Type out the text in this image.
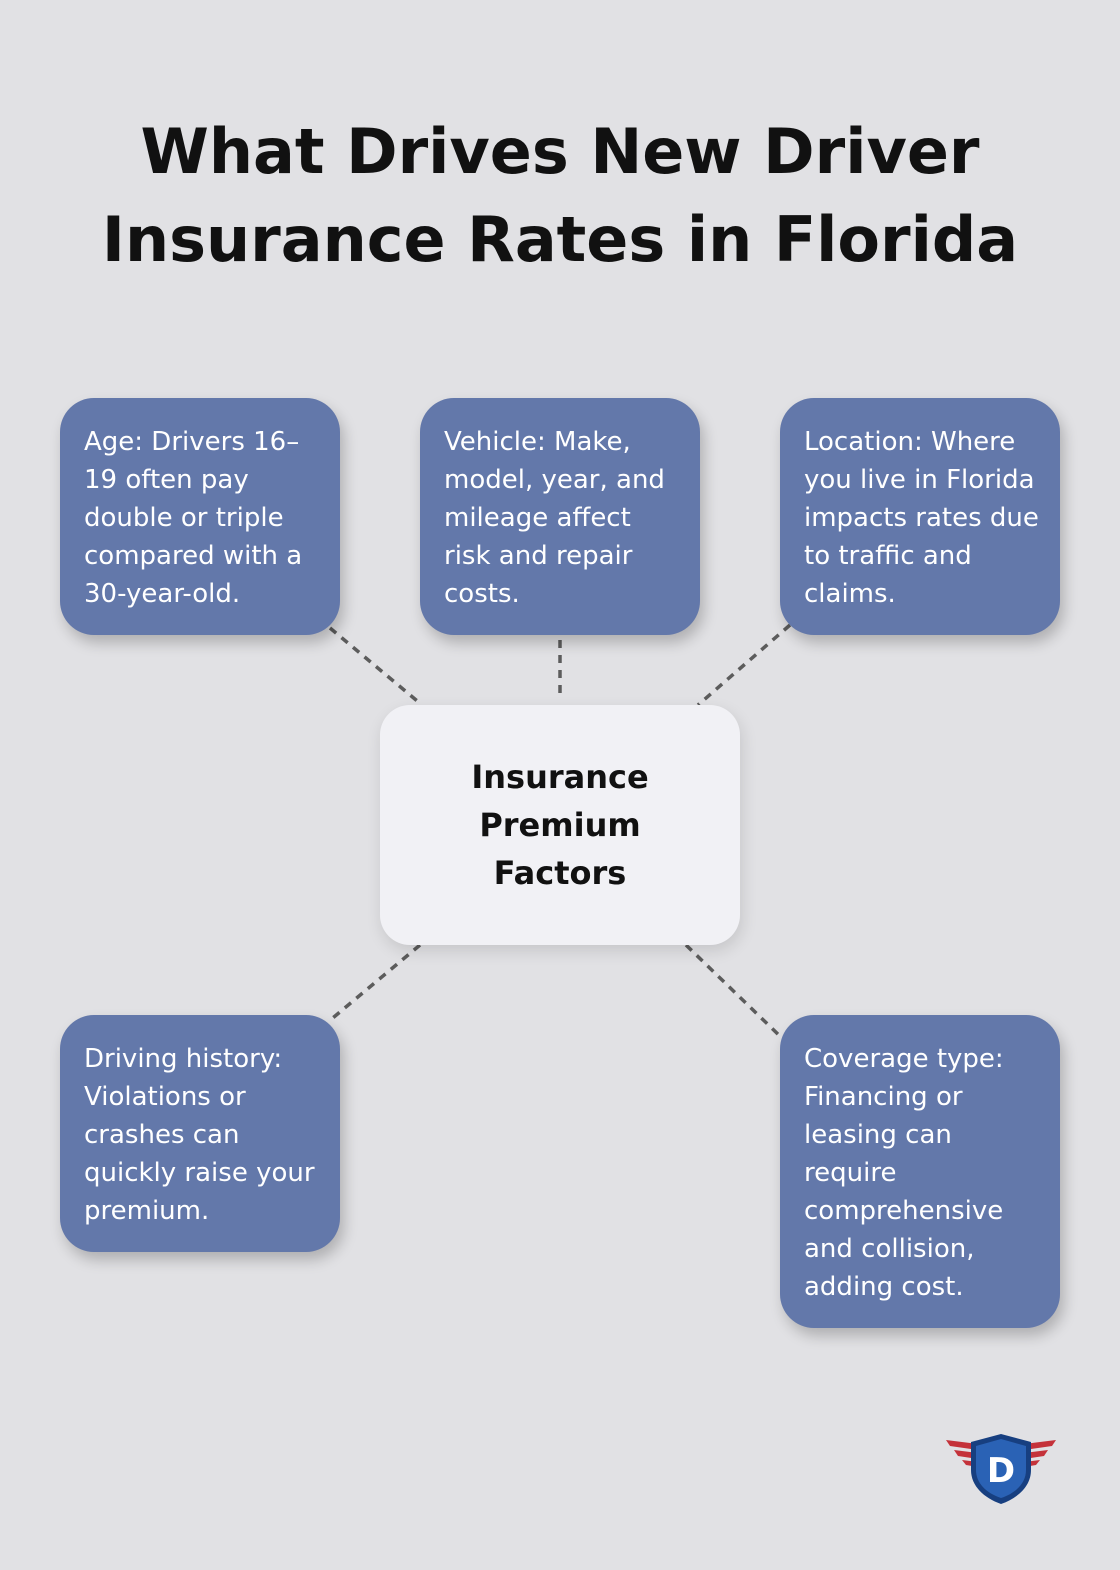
What Drives New Driver
Insurance Rates in Florida
Age: Drivers 16–19 often pay double or triple compared with a 30-year-old.
Vehicle: Make, model, year, and mileage affect risk and repair costs.
Location: Where you live in Florida impacts rates due to traffic and claims.
Driving history: Violations or crashes can quickly raise your premium.
Coverage type: Financing or leasing can require comprehensive and collision, adding cost.
Insurance Premium Factors
D
